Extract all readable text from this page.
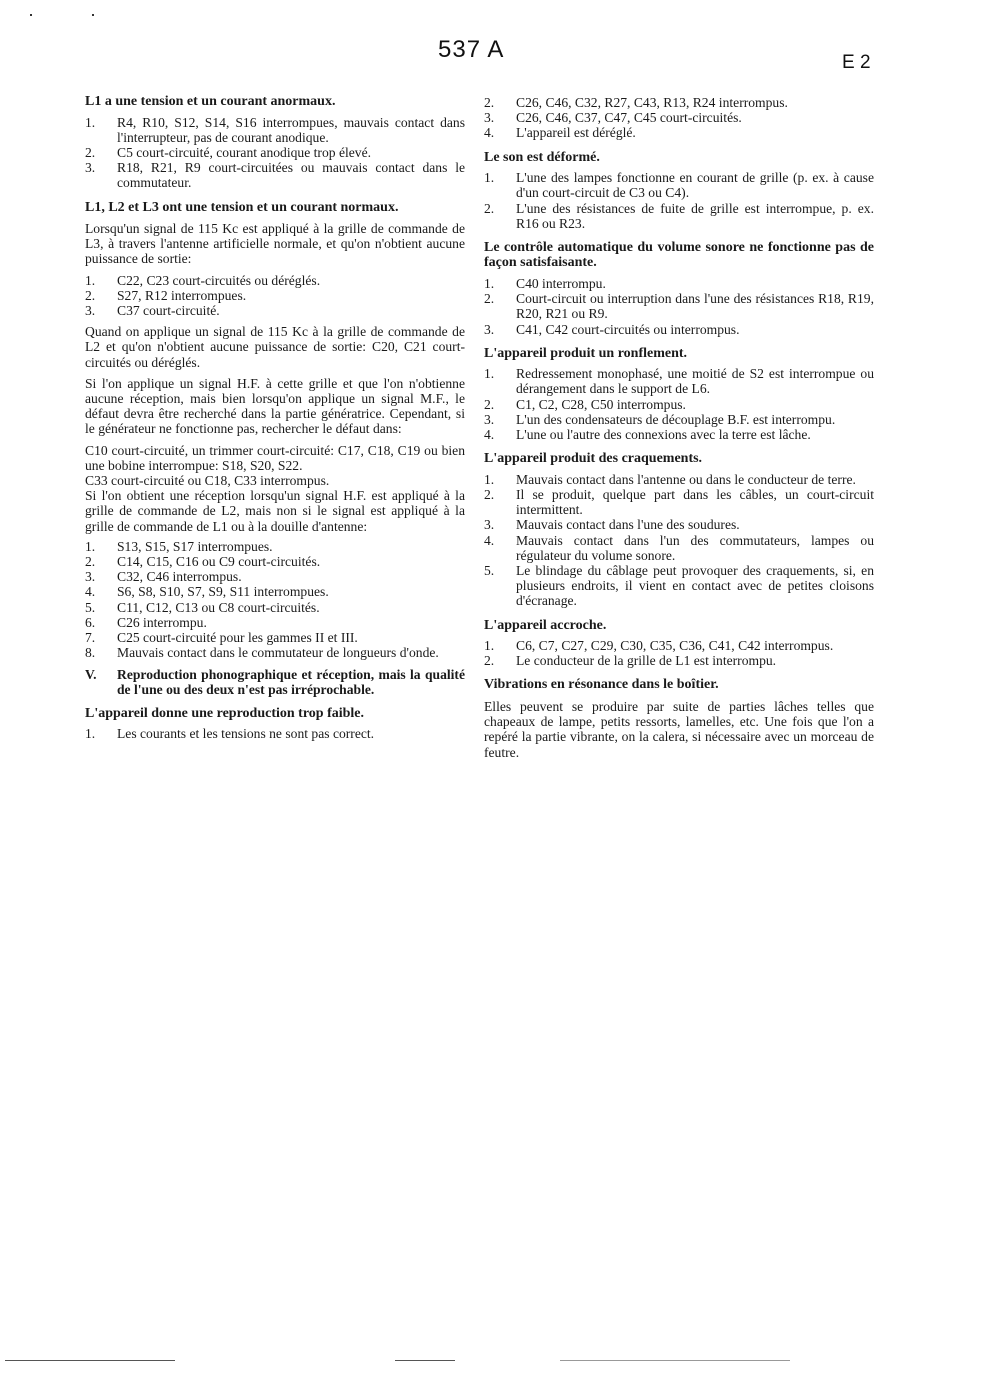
537 A	E 2
L1 a une tension et un courant anormaux.
1.	R4, R10, S12, S14, S16 interrompues, mauvais contact dans l'interrupteur, pas de courant anodique.
2.	C5 court-circuité, courant anodique trop élevé.
3.	R18, R21, R9 court-circuitées ou mauvais contact dans le commutateur.
L1, L2 et L3 ont une tension et un courant normaux.

Lorsqu'un signal de 115 Kc est appliqué à la grille de commande de L3, à travers l'antenne artificielle normale, et qu'on n'obtient aucune puissance de sortie:

1.	C22, C23 court-circuités ou déréglés.
2.	S27, R12 interrompues.
3.	C37 court-circuité.

Quand on applique un signal de 115 Kc à la grille de commande de L2 et qu'on n'obtient aucune puissance de sortie: C20, C21 court-circuités ou déréglés.

Si l'on applique un signal H.F. à cette grille et que l'on n'obtienne aucune réception, mais bien lorsqu'on applique un signal M.F., le défaut devra être recherché dans la partie génératrice. Cependant, si le générateur ne fonctionne pas, rechercher le défaut dans:

C10 court-circuité, un trimmer court-circuité: C17, C18, C19 ou bien une bobine interrompue: S18, S20, S22.

C33 court-circuité ou C18, C33 interrompus.

Si l'on obtient une réception lorsqu'un signal H.F. est appliqué à la grille de commande de L2, mais non si le signal est appliqué à la grille de commande de L1 ou à la douille d'antenne:

1.	S13, S15, S17 interrompues.
2.	C14, C15, C16 ou C9 court-circuités.
3.	C32, C46 interrompus.
4.	S6, S8, S10, S7, S9, S11 interrompues.
5.	C11, C12, C13 ou C8 court-circuités.
6.	C26 interrompu.
7.	C25 court-circuité pour les gammes II et III.
8.	Mauvais contact dans le commutateur de longueurs d'onde.
V.	Reproduction phonographique et réception, mais la qualité de l'une ou des deux n'est pas irréprochable.
L'appareil donne une reproduction trop faible.
1.	Les courants et les tensions ne sont pas correct.
2.	C26, C46, C32, R27, C43, R13, R24 interrompus.
3.	C26, C46, C37, C47, C45 court-circuités.
4.	L'appareil est déréglé.
Le son est déformé.
1.	L'une des lampes fonctionne en courant de grille (p. ex. à cause d'un court-circuit de C3 ou C4).
2.	L'une des résistances de fuite de grille est interrompue, p. ex. R16 ou R23.
Le contrôle automatique du volume sonore ne fonctionne pas de façon satisfaisante.
1.	C40 interrompu.
2.	Court-circuit ou interruption dans l'une des résistances R18, R19, R20, R21 ou R9.
3.	C41, C42 court-circuités ou interrompus.
L'appareil produit un ronflement.
1.	Redressement monophasé, une moitié de S2 est interrompue ou dérangement dans le support de L6.
2.	C1, C2, C28, C50 interrompus.
3.	L'un des condensateurs de découplage B.F. est interrompu.
4.	L'une ou l'autre des connexions avec la terre est lâche.
L'appareil produit des craquements.
1.	Mauvais contact dans l'antenne ou dans le conducteur de terre.
2.	Il se produit, quelque part dans les câbles, un court-circuit intermittent.
3.	Mauvais contact dans l'une des soudures.
4.	Mauvais contact dans l'un des commutateurs, lampes ou régulateur du volume sonore.
5.	Le blindage du câblage peut provoquer des craquements, si, en plusieurs endroits, il vient en contact avec de petites cloisons d'écranage.
L'appareil accroche.
1.	C6, C7, C27, C29, C30, C35, C36, C41, C42 interrompus.
2.	Le conducteur de la grille de L1 est interrompu.
Vibrations en résonance dans le boîtier.

Elles peuvent se produire par suite de parties lâches telles que chapeaux de lampe, petits ressorts, lamelles, etc. Une fois que l'on a repéré la partie vibrante, on la calera, si nécessaire avec un morceau de feutre.
